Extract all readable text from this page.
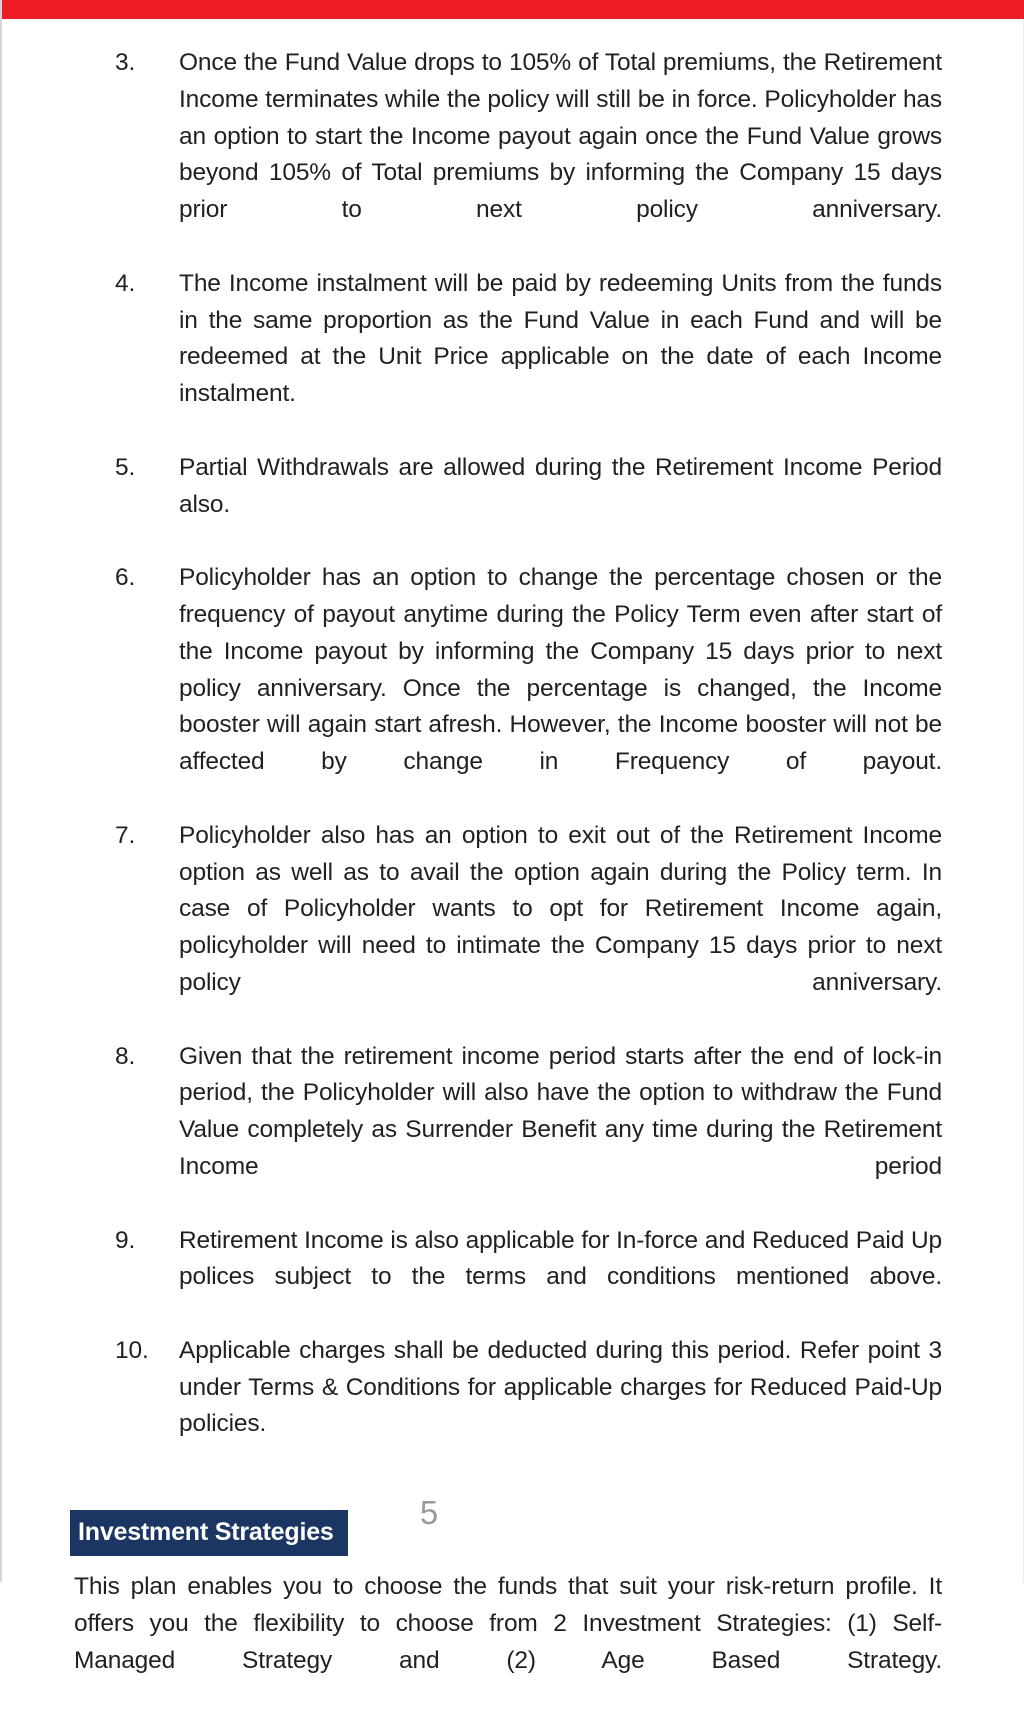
3.	Once the Fund Value drops to 105% of Total premiums, the Retirement Income terminates while the policy will still be in force. Policyholder has an option to start the Income payout again once the Fund Value grows beyond 105% of Total premiums by informing the Company 15 days prior to next policy anniversary.
4.	The Income instalment will be paid by redeeming Units from the funds in the same proportion as the Fund Value in each Fund and will be redeemed at the Unit Price applicable on the date of each Income instalment.
5.	Partial Withdrawals are allowed during the Retirement Income Period also.
6.	Policyholder has an option to change the percentage chosen or the frequency of payout anytime during the Policy Term even after start of the Income payout by informing the Company 15 days prior to next policy anniversary. Once the percentage is changed, the Income booster will again start afresh. However, the Income booster will not be affected by change in Frequency of payout.
7.	Policyholder also has an option to exit out of the Retirement Income option as well as to avail the option again during the Policy term. In case of Policyholder wants to opt for Retirement Income again, policyholder will need to intimate the Company 15 days prior to next policy anniversary.
8.	Given that the retirement income period starts after the end of lock-in period, the Policyholder will also have the option to withdraw the Fund Value completely as Surrender Benefit any time during the Retirement Income period
9.	Retirement Income is also applicable for In-force and Reduced Paid Up polices subject to the terms and conditions mentioned above.
10.	Applicable charges shall be deducted during this period. Refer point 3 under Terms & Conditions for applicable charges for Reduced Paid-Up policies.
Investment Strategies

This plan enables you to choose the funds that suit your risk-return profile. It offers you the flexibility to choose from 2 Investment Strategies: (1) Self-Managed Strategy and (2) Age Based Strategy.

5
